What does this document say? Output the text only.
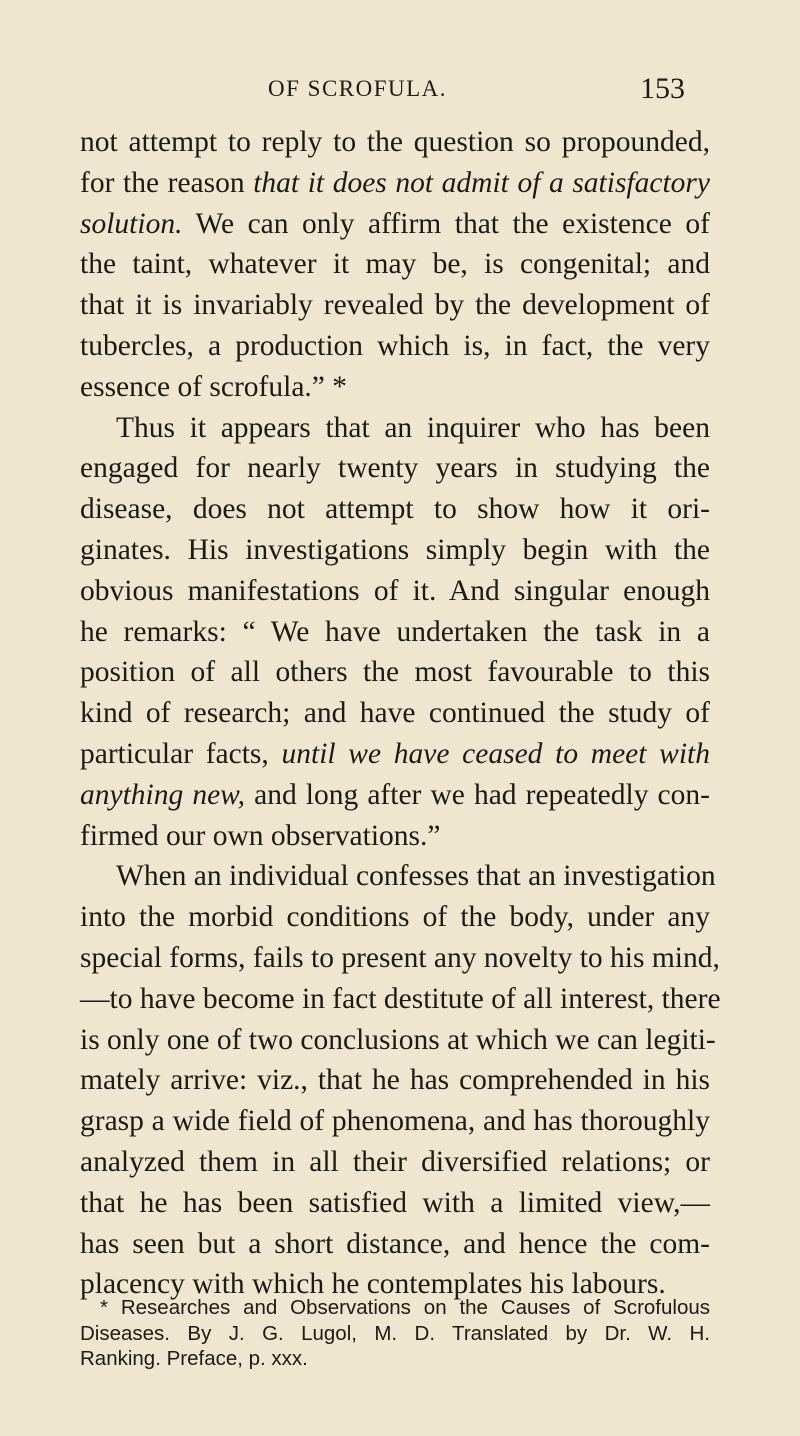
OF SCROFULA.	153
not attempt to reply to the question so propounded,
for the reason that it does not admit of a satisfactory
solution. We can only affirm that the existence of
the taint, whatever it may be, is congenital; and
that it is invariably revealed by the development of
tubercles, a production which is, in fact, the very
essence of scrofula.” *
Thus it appears that an inquirer who has been
engaged for nearly twenty years in studying the
disease, does not attempt to show how it ori-
ginates. His investigations simply begin with the
obvious manifestations of it. And singular enough
he remarks: “ We have undertaken the task in a
position of all others the most favourable to this
kind of research; and have continued the study of
particular facts, until we have ceased to meet with
anything new, and long after we had repeatedly con-
firmed our own observations.”
When an individual confesses that an investigation
into the morbid conditions of the body, under any
special forms, fails to present any novelty to his mind,
—to have become in fact destitute of all interest, there
is only one of two conclusions at which we can legiti-
mately arrive: viz., that he has comprehended in his
grasp a wide field of phenomena, and has thoroughly
analyzed them in all their diversified relations; or
that he has been satisfied with a limited view,—
has seen but a short distance, and hence the com-
placency with which he contemplates his labours.
* Researches and Observations on the Causes of Scrofulous
Diseases. By J. G. Lugol, M. D. Translated by Dr. W. H.
Ranking. Preface, p. xxx.
